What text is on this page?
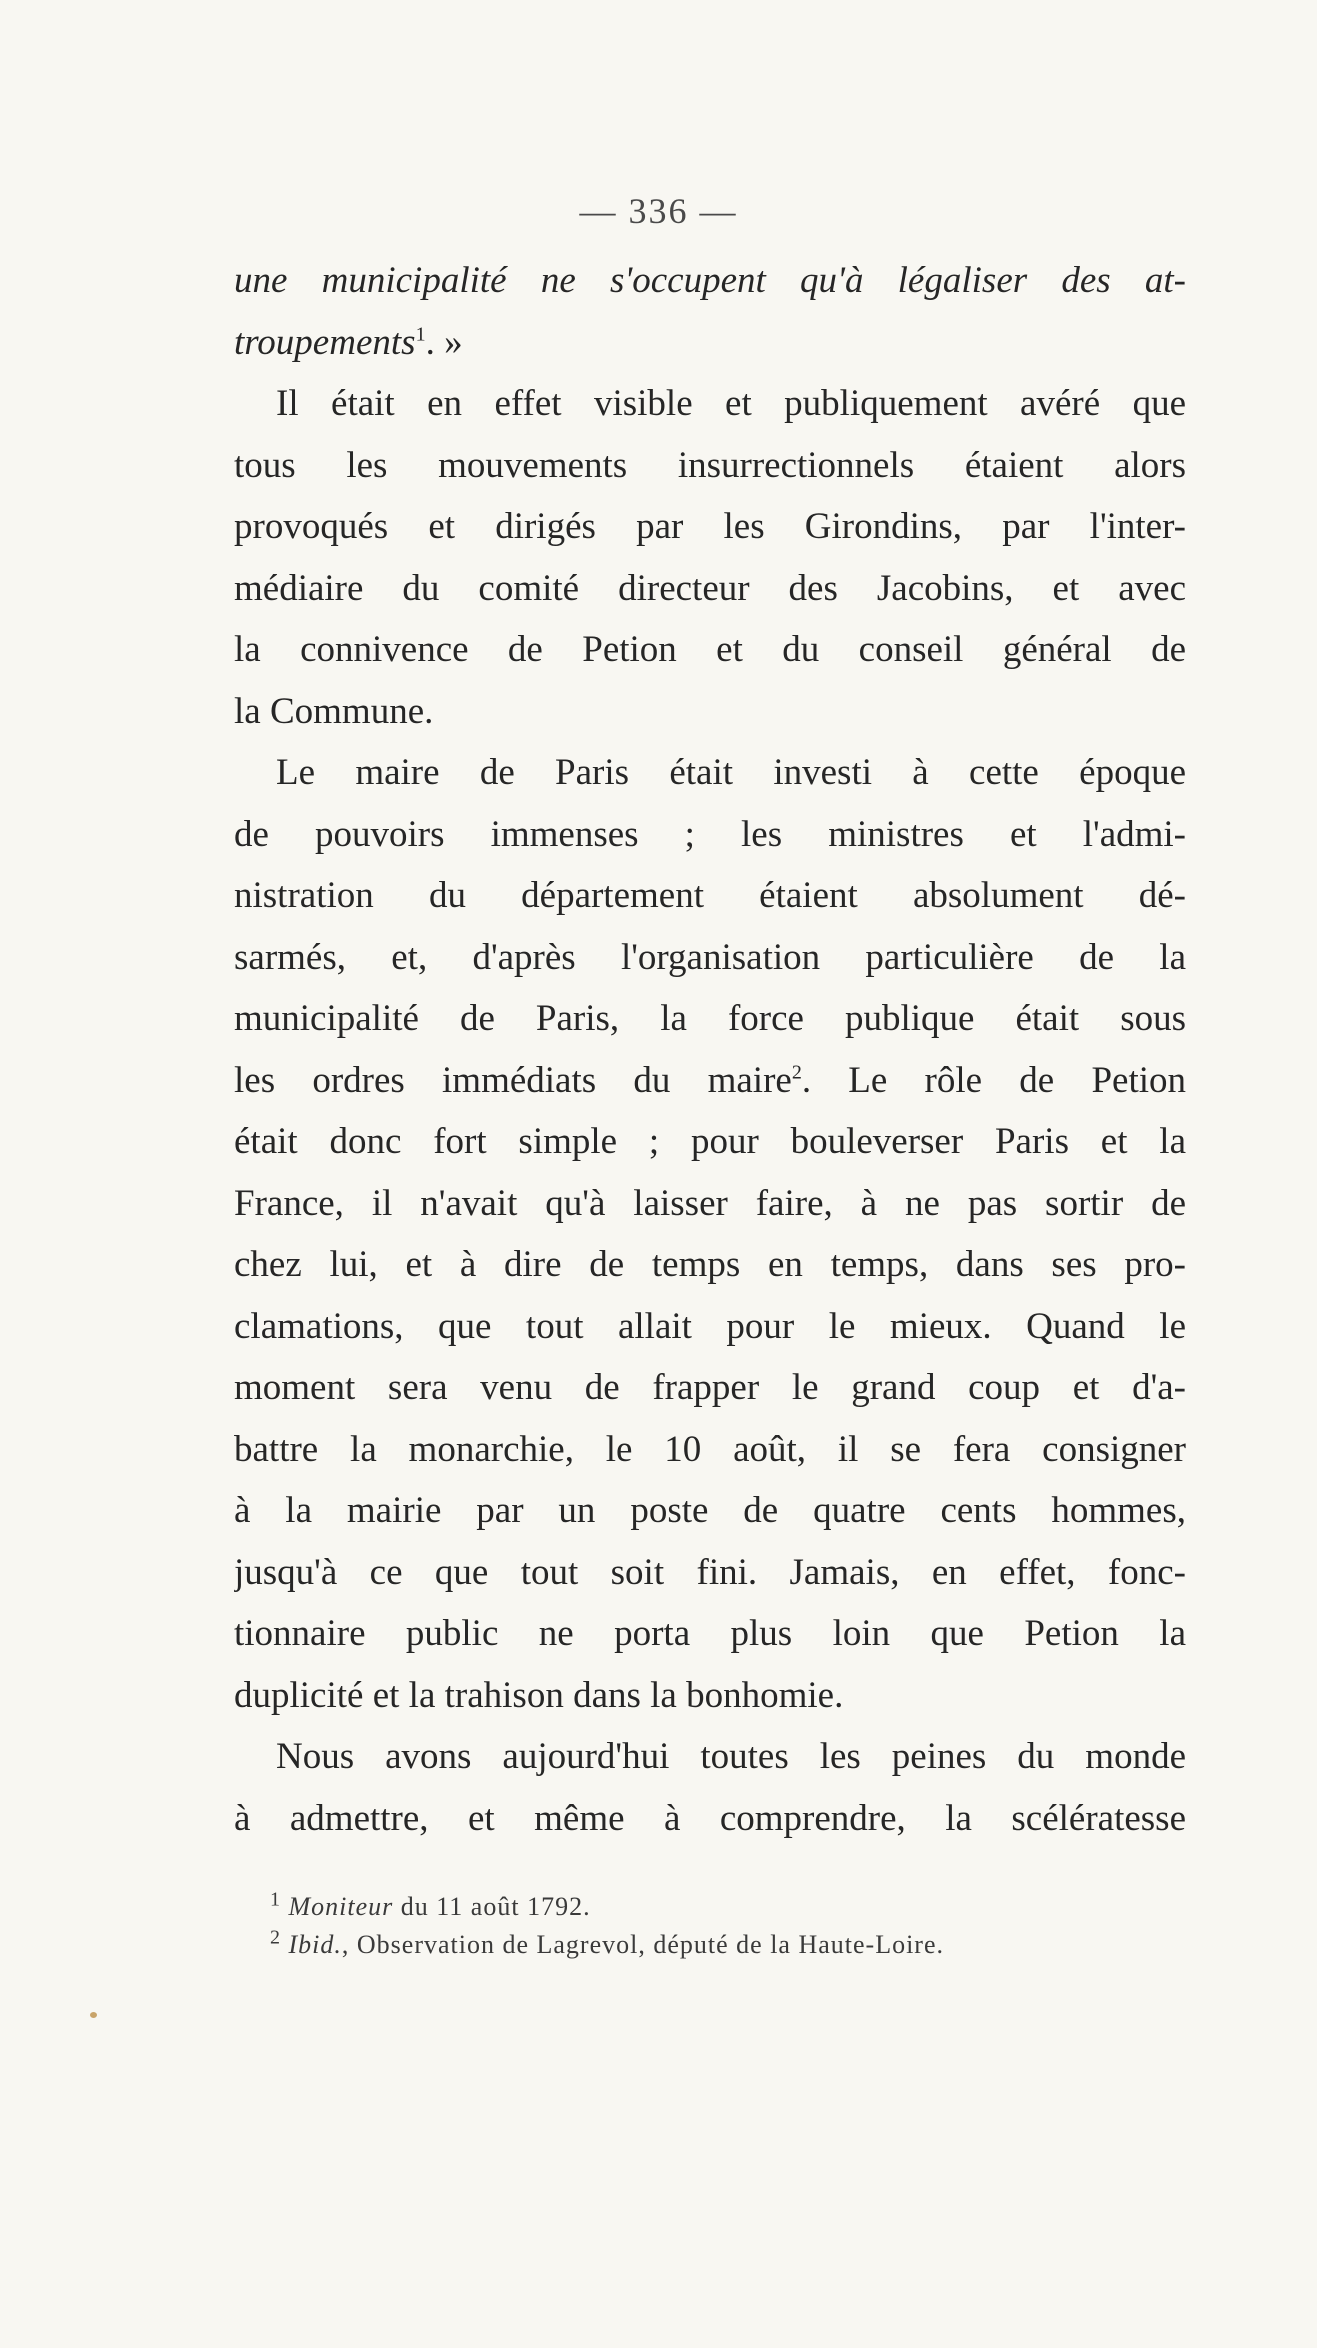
— 336 —
une municipalité ne s'occupent qu'à légaliser des at-
troupements$^1$. »
Il était en effet visible et publiquement avéré que
tous les mouvements insurrectionnels étaient alors
provoqués et dirigés par les Girondins, par l'inter-
médiaire du comité directeur des Jacobins, et avec
la connivence de Petion et du conseil général de
la Commune.
Le maire de Paris était investi à cette époque
de pouvoirs immenses ; les ministres et l'admi-
nistration du département étaient absolument dé-
sarmés, et, d'après l'organisation particulière de la
municipalité de Paris, la force publique était sous
les ordres immédiats du maire$^2$. Le rôle de Petion
était donc fort simple ; pour bouleverser Paris et la
France, il n'avait qu'à laisser faire, à ne pas sortir de
chez lui, et à dire de temps en temps, dans ses pro-
clamations, que tout allait pour le mieux. Quand le
moment sera venu de frapper le grand coup et d'a-
battre la monarchie, le 10 août, il se fera consigner
à la mairie par un poste de quatre cents hommes,
jusqu'à ce que tout soit fini. Jamais, en effet, fonc-
tionnaire public ne porta plus loin que Petion la
duplicité et la trahison dans la bonhomie.
Nous avons aujourd'hui toutes les peines du monde
à admettre, et même à comprendre, la scélératesse
$^1$ Moniteur du 11 août 1792.
$^2$ Ibid., Observation de Lagrevol, député de la Haute-Loire.
